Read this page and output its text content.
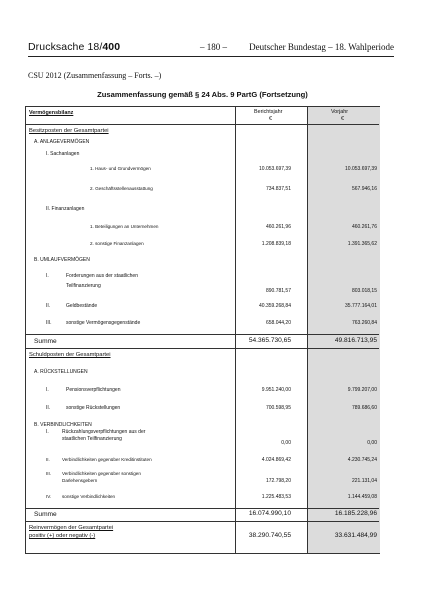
Drucksache 18/400	– 180 – Deutscher Bundestag – 18. Wahlperiode
CSU 2012 (Zusammenfassung – Forts. –)
Zusammenfassung gemäß § 24 Abs. 9 PartG (Fortsetzung)
Vermögensbilanz	Berichtsjahr
€
Vorjahr
€
Besitzposten der Gesamtpartei
A. ANLAGEVERMÖGEN
I. Sachanlagen
1. Haus- und Grundvermögen	10.053.697,39	10.053.697,39
2. Geschäftsstellenausstattung	734.837,51	567.946,16
II. Finanzanlagen
1. Beteiligungen an Unternehmen	460.261,96	460.261,76
2. sonstige Finanzanlagen	1.208.839,18	1.391.365,62
B. UMLAUFVERMÖGEN
I.	Forderungen aus der staatlichen
Teilfinanzierung
890.781,57	803.018,15
II.	Geldbestände	40.359.268,84	35.777.164,01
III.	sonstige Vermögensgegenstände	658.044,20	763.260,84
Summe	54.365.730,65	49.816.713,95
Schuldposten der Gesamtpartei
A. RÜCKSTELLUNGEN
I.	Pensionsverpflichtungen	9.951.240,00	9.799.207,00
II.	sonstige Rückstellungen	700.598,95	789.686,60
B. VERBINDLICHKEITEN
I.	Rückzahlungsverpflichtungen aus der
staatlichen Teilfinanzierung
0,00	0,00
II.	Verbindlichkeiten gegenüber Kreditinstituten	4.024.869,42	4.230.745,24
III. Verbindlichkeiten gegenüber sonstigen
Darlehensgebern	172.798,20	221.131,04
IV. sonstige Verbindlichkeiten	1.225.483,53	1.144.459,08
Summe	16.074.990,10	16.185.228,96
Reinvermögen der Gesamtpartei
positiv (+) oder negativ (-)	38.290.740,55	33.631.484,99
